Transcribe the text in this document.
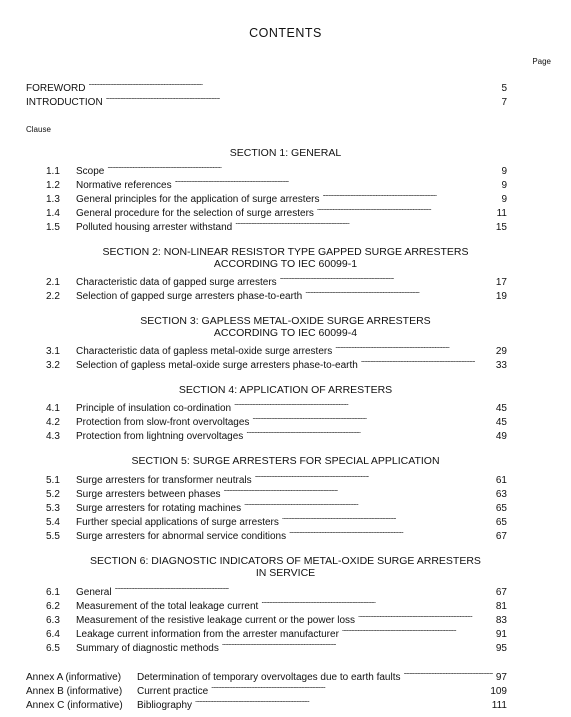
CONTENTS
Page
FOREWORD . . .	5
INTRODUCTION . . .	7
Clause
SECTION 1: GENERAL
1.1	Scope . . .	9
1.2	Normative references . . .	9
1.3	General principles for the application of surge arresters . . .	9
1.4	General procedure for the selection of surge arresters . . .	11
1.5	Polluted housing arrester withstand . . .	15
SECTION 2: NON-LINEAR RESISTOR TYPE GAPPED SURGE ARRESTERS
ACCORDING TO IEC 60099-1
2.1	Characteristic data of gapped surge arresters . . .	17
2.2	Selection of gapped surge arresters phase-to-earth . . .	19
SECTION 3: GAPLESS METAL-OXIDE SURGE ARRESTERS
ACCORDING TO IEC 60099-4
3.1	Characteristic data of gapless metal-oxide surge arresters . . .	29
3.2	Selection of gapless metal-oxide surge arresters phase-to-earth . . .	33
SECTION 4: APPLICATION OF ARRESTERS
4.1	Principle of insulation co-ordination . . .	45
4.2	Protection from slow-front overvoltages . . .	45
4.3	Protection from lightning overvoltages . . .	49
SECTION 5: SURGE ARRESTERS FOR SPECIAL APPLICATION
5.1	Surge arresters for transformer neutrals . . .	61
5.2	Surge arresters between phases . . .	63
5.3	Surge arresters for rotating machines . . .	65
5.4	Further special applications of surge arresters . . .	65
5.5	Surge arresters for abnormal service conditions . . .	67
SECTION 6: DIAGNOSTIC INDICATORS OF METAL-OXIDE SURGE ARRESTERS
IN SERVICE
6.1	General . . .	67
6.2	Measurement of the total leakage current . . .	81
6.3	Measurement of the resistive leakage current or the power loss . . .	83
6.4	Leakage current information from the arrester manufacturer . . .	91
6.5	Summary of diagnostic methods . . .	95
Annex A (informative)	Determination of temporary overvoltages due to earth faults . . .	97
Annex B (informative)	Current practice . . .	109
Annex C (informative)	Bibliography . . .	111
